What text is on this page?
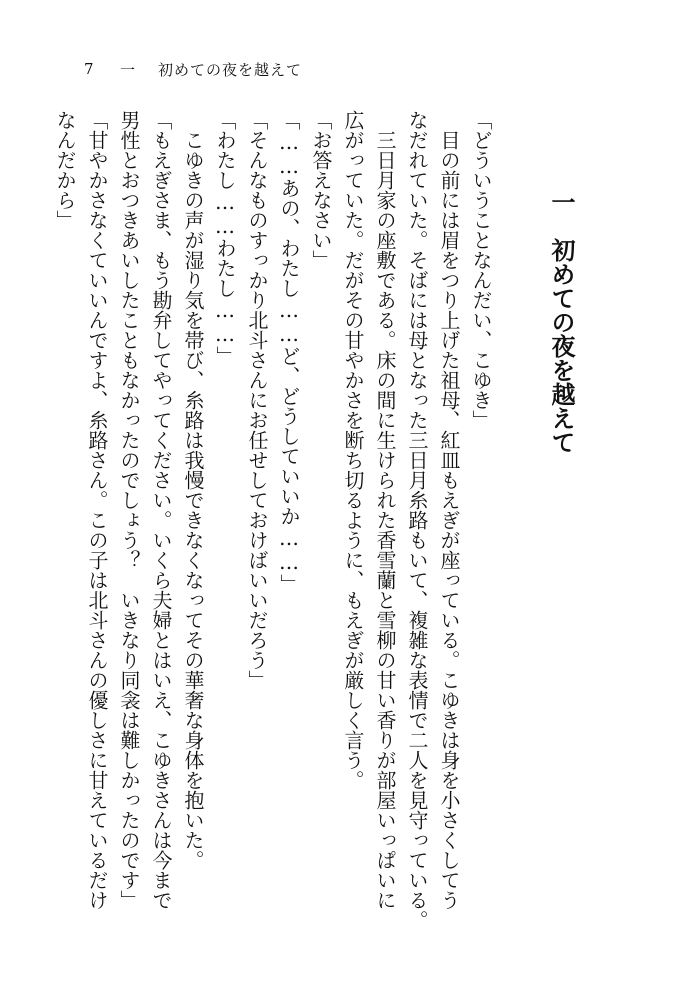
7	一	初めての夜を越えて
一　初めての夜を越えて
「どういうことなんだい、こゆき」
　目の前には眉をつり上げた祖母、紅皿もえぎが座っている。こゆきは身を小さくしてう
なだれていた。そばには母となった三日月糸路もいて、複雑な表情で二人を見守っている。
　三日月家の座敷である。床の間に生けられた香雪蘭と雪柳の甘い香りが部屋いっぱいに
広がっていた。だがその甘やかさを断ち切るように、もえぎが厳しく言う。
「お答えなさい」
「……あの、わたし……ど、どうしていいか……」
「そんなものすっかり北斗さんにお任せしておけばいいだろう」
「わたし……わたし……」
　こゆきの声が湿り気を帯び、糸路は我慢できなくなってその華奢な身体を抱いた。
「もえぎさま、もう勘弁してやってください。いくら夫婦とはいえ、こゆきさんは今まで
男性とおつきあいしたこともなかったのでしょう？　いきなり同衾は難しかったのです」
「甘やかさなくていいんですよ、糸路さん。この子は北斗さんの優しさに甘えているだけ
なんだから」
